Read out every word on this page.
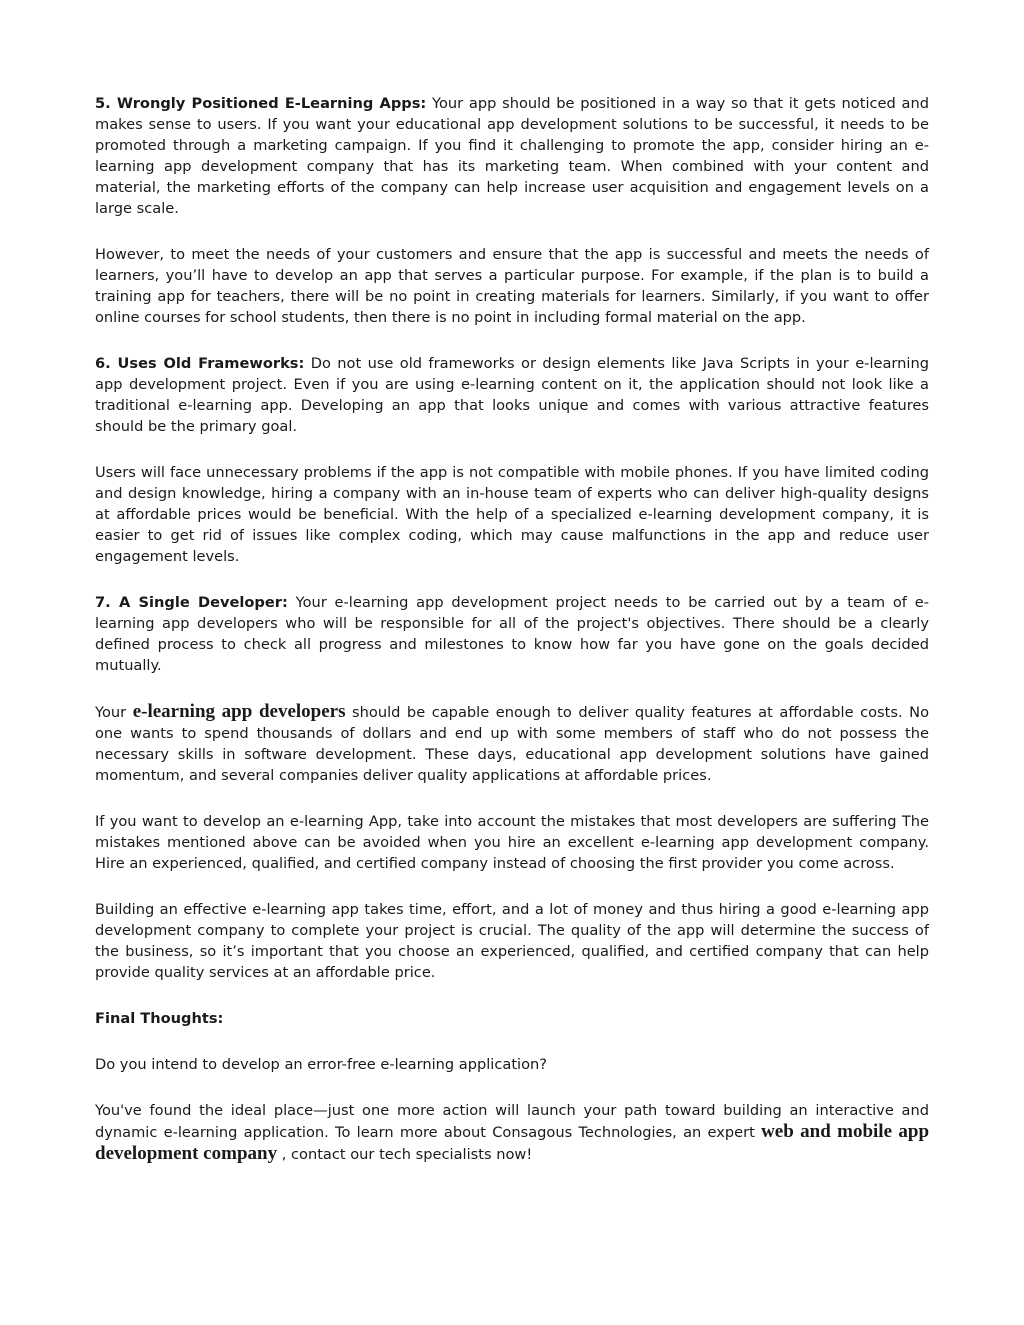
5. Wrongly Positioned E-Learning Apps: Your app should be positioned in a way so that it gets noticed and makes sense to users. If you want your educational app development solutions to be successful, it needs to be promoted through a marketing campaign. If you find it challenging to promote the app, consider hiring an e-learning app development company that has its marketing team. When combined with your content and material, the marketing efforts of the company can help increase user acquisition and engagement levels on a large scale.

However, to meet the needs of your customers and ensure that the app is successful and meets the needs of learners, you’ll have to develop an app that serves a particular purpose. For example, if the plan is to build a training app for teachers, there will be no point in creating materials for learners. Similarly, if you want to offer online courses for school students, then there is no point in including formal material on the app.

6. Uses Old Frameworks: Do not use old frameworks or design elements like Java Scripts in your e-learning app development project. Even if you are using e-learning content on it, the application should not look like a traditional e-learning app. Developing an app that looks unique and comes with various attractive features should be the primary goal.

Users will face unnecessary problems if the app is not compatible with mobile phones. If you have limited coding and design knowledge, hiring a company with an in-house team of experts who can deliver high-quality designs at affordable prices would be beneficial. With the help of a specialized e-learning development company, it is easier to get rid of issues like complex coding, which may cause malfunctions in the app and reduce user engagement levels.

7. A Single Developer: Your e-learning app development project needs to be carried out by a team of e-learning app developers who will be responsible for all of the project's objectives. There should be a clearly defined process to check all progress and milestones to know how far you have gone on the goals decided mutually.

Your e-learning app developers should be capable enough to deliver quality features at affordable costs. No one wants to spend thousands of dollars and end up with some members of staff who do not possess the necessary skills in software development. These days, educational app development solutions have gained momentum, and several companies deliver quality applications at affordable prices.

If you want to develop an e-learning App, take into account the mistakes that most developers are suffering The mistakes mentioned above can be avoided when you hire an excellent e-learning app development company. Hire an experienced, qualified, and certified company instead of choosing the first provider you come across.

Building an effective e-learning app takes time, effort, and a lot of money and thus hiring a good e-learning app development company to complete your project is crucial. The quality of the app will determine the success of the business, so it’s important that you choose an experienced, qualified, and certified company that can help provide quality services at an affordable price.

Final Thoughts:

Do you intend to develop an error-free e-learning application?

You've found the ideal place—just one more action will launch your path toward building an interactive and dynamic e-learning application. To learn more about Consagous Technologies, an expert web and mobile app development company , contact our tech specialists now!
